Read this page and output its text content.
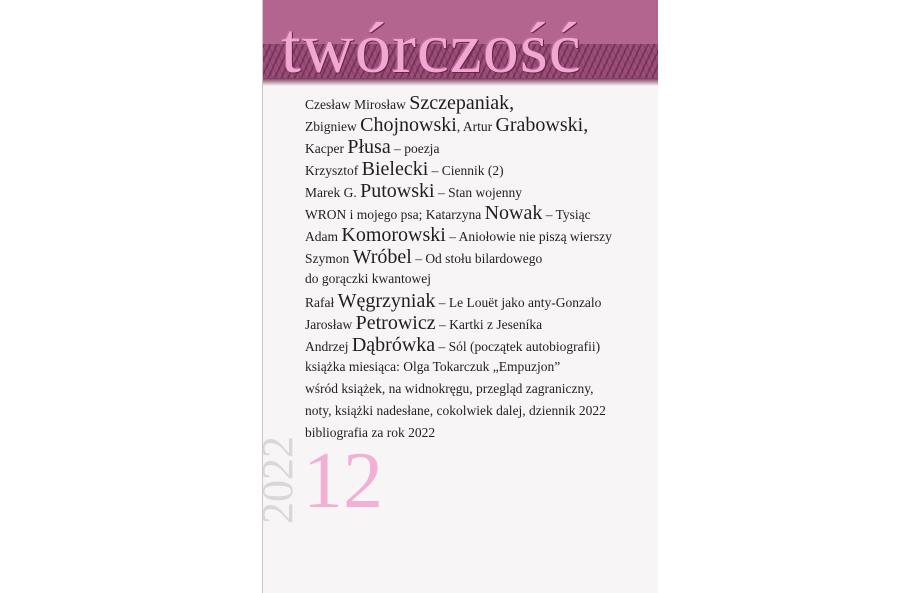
twórczość
Czesław Mirosław Szczepaniak,
Zbigniew Chojnowski, Artur Grabowski,
Kacper Płusa – poezja
Krzysztof Bielecki – Ciennik (2)
Marek G. Putowski – Stan wojenny
WRON i mojego psa; Katarzyna Nowak – Tysiąc
Adam Komorowski – Aniołowie nie piszą wierszy
Szymon Wróbel – Od stołu bilardowego
do gorączki kwantowej
Rafał Węgrzyniak – Le Louët jako anty-Gonzalo
Jarosław Petrowicz – Kartki z Jeseníka
Andrzej Dąbrówka – Sól (początek autobiografii)
książka miesiąca: Olga Tokarczuk „Empuzjon”
wśród książek, na widnokręgu, przegląd zagraniczny,
noty, książki nadesłane, cokolwiek dalej, dziennik 2022
bibliografia za rok 2022
2022 12
